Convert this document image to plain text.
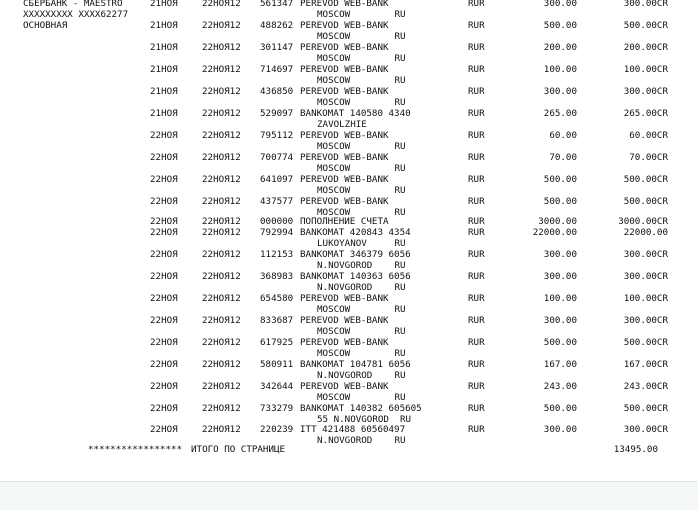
СБЕРБАНК - MAESTRO
XXXXXXXXX XXXX62277
ОСНОВНАЯ
21НОЯ	22НОЯ12 561347 PEREVOD WEB-BANK	RUR	300.00	300.00CR
MOSCOW        RU
21НОЯ	22НОЯ12 488262 PEREVOD WEB-BANK	RUR	500.00	500.00CR
MOSCOW        RU
21НОЯ	22НОЯ12 301147 PEREVOD WEB-BANK	RUR	200.00	200.00CR
MOSCOW        RU
21НОЯ	22НОЯ12 714697 PEREVOD WEB-BANK	RUR	100.00	100.00CR
MOSCOW        RU
21НОЯ	22НОЯ12 436850 PEREVOD WEB-BANK	RUR	300.00	300.00CR
MOSCOW        RU
21НОЯ	22НОЯ12 529097 BANKOMAT 140580 4340	RUR	265.00	265.00CR
ZAVOLZHIE
22НОЯ	22НОЯ12 795112 PEREVOD WEB-BANK	RUR	60.00	60.00CR
MOSCOW        RU
22НОЯ	22НОЯ12 700774 PEREVOD WEB-BANK	RUR	70.00	70.00CR
MOSCOW        RU
22НОЯ	22НОЯ12 641097 PEREVOD WEB-BANK	RUR	500.00	500.00CR
MOSCOW        RU
22НОЯ	22НОЯ12 437577 PEREVOD WEB-BANK	RUR	500.00	500.00CR
MOSCOW        RU
22НОЯ	22НОЯ12 000000 ПОПОЛНЕНИЕ СЧЕТА	RUR	3000.00	3000.00CR
22НОЯ	22НОЯ12 792994 BANKOMAT 420843 4354	RUR	22000.00	22000.00
LUKOYANOV     RU
22НОЯ	22НОЯ12 112153 BANKOMAT 346379 6056	RUR	300.00	300.00CR
N.NOVGOROD    RU
22НОЯ	22НОЯ12 368983 BANKOMAT 140363 6056	RUR	300.00	300.00CR
N.NOVGOROD    RU
22НОЯ	22НОЯ12 654580 PEREVOD WEB-BANK	RUR	100.00	100.00CR
MOSCOW        RU
22НОЯ	22НОЯ12 833687 PEREVOD WEB-BANK	RUR	300.00	300.00CR
MOSCOW        RU
22НОЯ	22НОЯ12 617925 PEREVOD WEB-BANK	RUR	500.00	500.00CR
MOSCOW        RU
22НОЯ	22НОЯ12 580911 BANKOMAT 104781 6056	RUR	167.00	167.00CR
N.NOVGOROD    RU
22НОЯ	22НОЯ12 342644 PEREVOD WEB-BANK	RUR	243.00	243.00CR
MOSCOW        RU
22НОЯ	22НОЯ12 733279 BANKOMAT 140382 605605	RUR	500.00	500.00CR
55 N.NOVGOROD  RU
22НОЯ	22НОЯ12 220239 ITT 421488 60560497	RUR	300.00	300.00CR
N.NOVGOROD    RU
***************** ИТОГО ПО СТРАНИЦЕ	13495.00
